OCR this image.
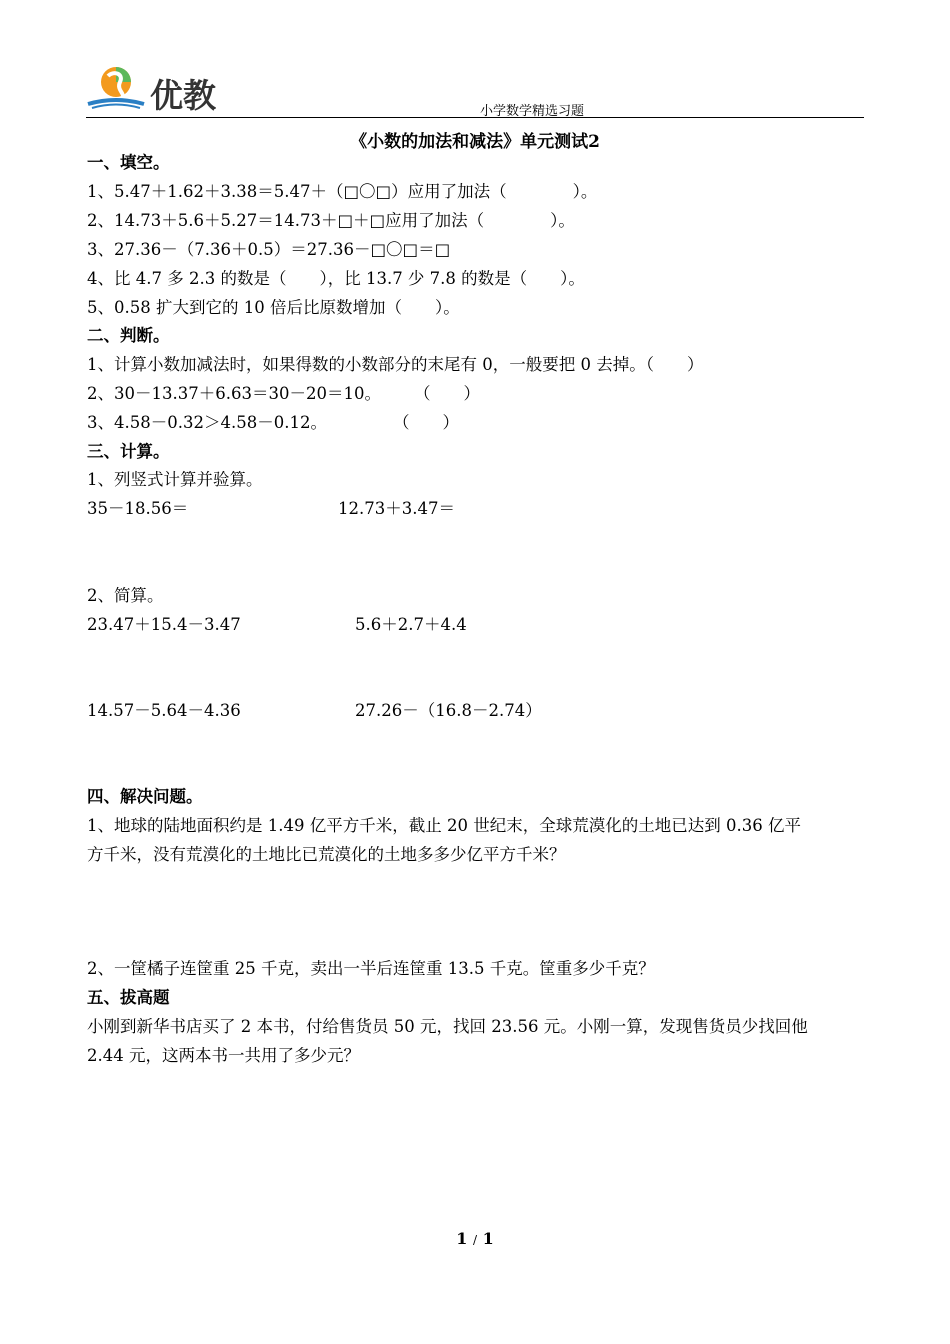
优教	小学数学精选习题
《小数的加法和减法》单元测试2
一、填空。
1、5.47＋1.62＋3.38＝5.47＋（□〇□）应用了加法（　　　　）。
2、14.73＋5.6＋5.27＝14.73＋□＋□应用了加法（　　　　）。
3、27.36－（7.36＋0.5）＝27.36－□〇□＝□
4、比 4.7 多 2.3 的数是（　　），比 13.7 少 7.8 的数是（　　）。
5、0.58 扩大到它的 10 倍后比原数增加（　　）。
二、判断。
1、计算小数加减法时，如果得数的小数部分的末尾有 0，一般要把 0 去掉。（　　）
2、30－13.37＋6.63＝30－20＝10。　　　（　　）
3、4.58－0.32＞4.58－0.12。　　　　　（　　）
三、计算。
1、列竖式计算并验算。
35－18.56＝	12.73＋3.47＝
2、简算。
23.47＋15.4－3.47	5.6＋2.7＋4.4
14.57－5.64－4.36	27.26－（16.8－2.74）
四、解决问题。
1、地球的陆地面积约是 1.49 亿平方千米，截止 20 世纪末，全球荒漠化的土地已达到 0.36 亿平
方千米，没有荒漠化的土地比已荒漠化的土地多多少亿平方千米？
2、一筐橘子连筐重 25 千克，卖出一半后连筐重 13.5 千克。筐重多少千克？
五、拔高题
小刚到新华书店买了 2 本书，付给售货员 50 元，找回 23.56 元。小刚一算，发现售货员少找回他
2.44 元，这两本书一共用了多少元？
1 / 1
